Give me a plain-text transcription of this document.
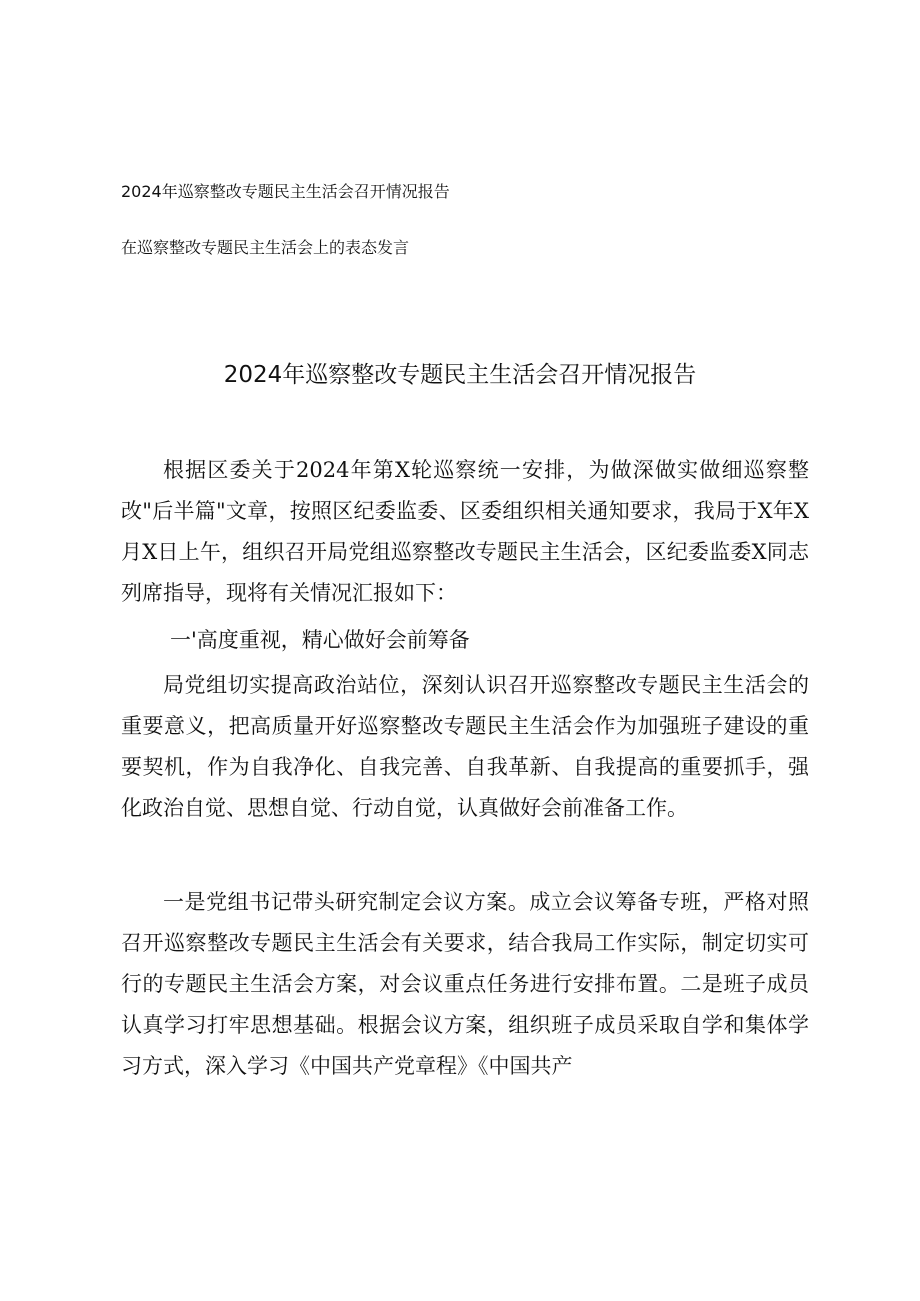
2024年巡察整改专题民主生活会召开情况报告
在巡察整改专题民主生活会上的表态发言
2024年巡察整改专题民主生活会召开情况报告

根据区委关于2024年第X轮巡察统一安排，为做深做实做细巡察整改"后半篇"文章，按照区纪委监委、区委组织相关通知要求，我局于X年X月X日上午，组织召开局党组巡察整改专题民主生活会，区纪委监委X同志列席指导，现将有关情况汇报如下：

一'高度重视，精心做好会前筹备

局党组切实提高政治站位，深刻认识召开巡察整改专题民主生活会的重要意义，把高质量开好巡察整改专题民主生活会作为加强班子建设的重要契机，作为自我净化、自我完善、自我革新、自我提高的重要抓手，强化政治自觉、思想自觉、行动自觉，认真做好会前准备工作。

一是党组书记带头研究制定会议方案。成立会议筹备专班，严格对照召开巡察整改专题民主生活会有关要求，结合我局工作实际，制定切实可行的专题民主生活会方案，对会议重点任务进行安排布置。二是班子成员认真学习打牢思想基础。根据会议方案，组织班子成员采取自学和集体学习方式，深入学习《中国共产党章程》《中国共产
